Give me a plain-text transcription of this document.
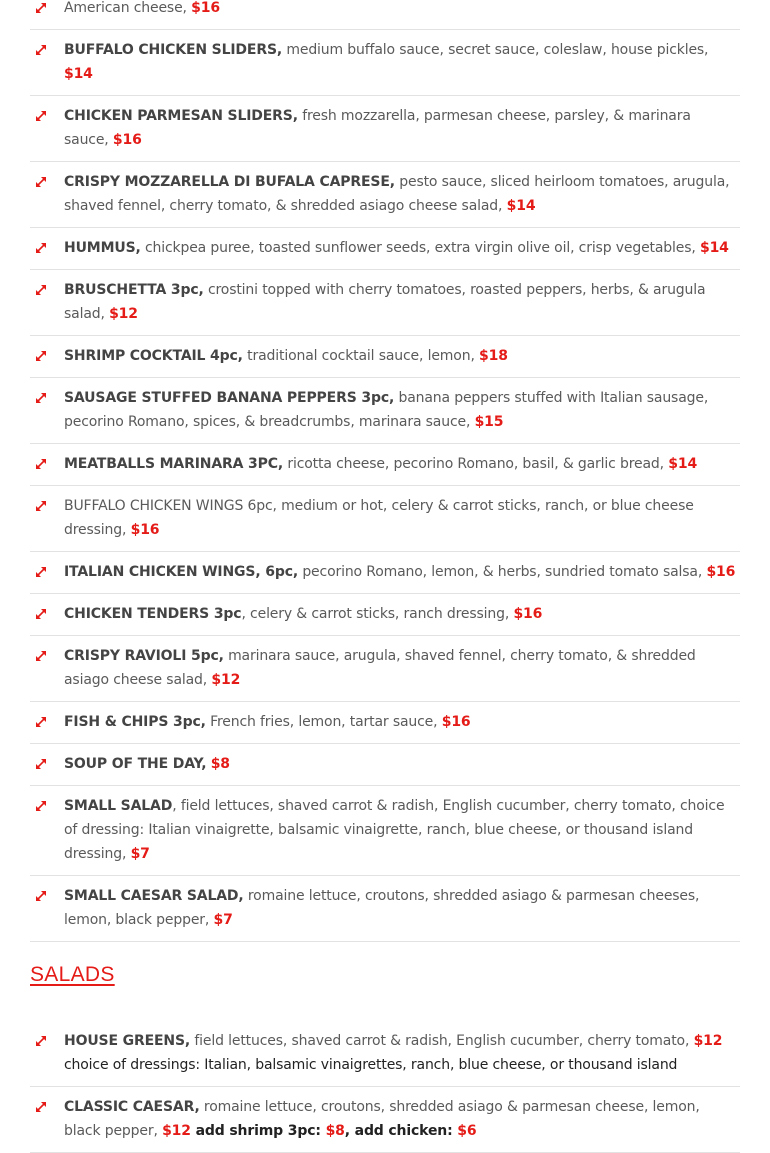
American cheese, $16
BUFFALO CHICKEN SLIDERS, medium buffalo sauce, secret sauce, coleslaw, house pickles, $14
CHICKEN PARMESAN SLIDERS, fresh mozzarella, parmesan cheese, parsley, & marinara sauce, $16
CRISPY MOZZARELLA DI BUFALA CAPRESE, pesto sauce, sliced heirloom tomatoes, arugula, shaved fennel, cherry tomato, & shredded asiago cheese salad, $14
HUMMUS, chickpea puree, toasted sunflower seeds, extra virgin olive oil, crisp vegetables, $14
BRUSCHETTA 3pc, crostini topped with cherry tomatoes, roasted peppers, herbs, & arugula salad, $12
SHRIMP COCKTAIL 4pc, traditional cocktail sauce, lemon, $18
SAUSAGE STUFFED BANANA PEPPERS 3pc, banana peppers stuffed with Italian sausage, pecorino Romano, spices, & breadcrumbs, marinara sauce, $15
MEATBALLS MARINARA 3PC, ricotta cheese, pecorino Romano, basil, & garlic bread, $14
BUFFALO CHICKEN WINGS 6pc, medium or hot, celery & carrot sticks, ranch, or blue cheese dressing, $16
ITALIAN CHICKEN WINGS, 6pc, pecorino Romano, lemon, & herbs, sundried tomato salsa, $16
CHICKEN TENDERS 3pc, celery & carrot sticks, ranch dressing, $16
CRISPY RAVIOLI 5pc, marinara sauce, arugula, shaved fennel, cherry tomato, & shredded asiago cheese salad, $12
FISH & CHIPS 3pc, French fries, lemon, tartar sauce, $16
SOUP OF THE DAY, $8
SMALL SALAD, field lettuces, shaved carrot & radish, English cucumber, cherry tomato, choice of dressing: Italian vinaigrette, balsamic vinaigrette, ranch, blue cheese, or thousand island dressing, $7
SMALL CAESAR SALAD, romaine lettuce, croutons, shredded asiago & parmesan cheeses, lemon, black pepper, $7
SALADS
HOUSE GREENS, field lettuces, shaved carrot & radish, English cucumber, cherry tomato, $12
choice of dressings: Italian, balsamic vinaigrettes, ranch, blue cheese, or thousand island
CLASSIC CAESAR, romaine lettuce, croutons, shredded asiago & parmesan cheese, lemon, black pepper, $12 add shrimp 3pc: $8, add chicken: $6
